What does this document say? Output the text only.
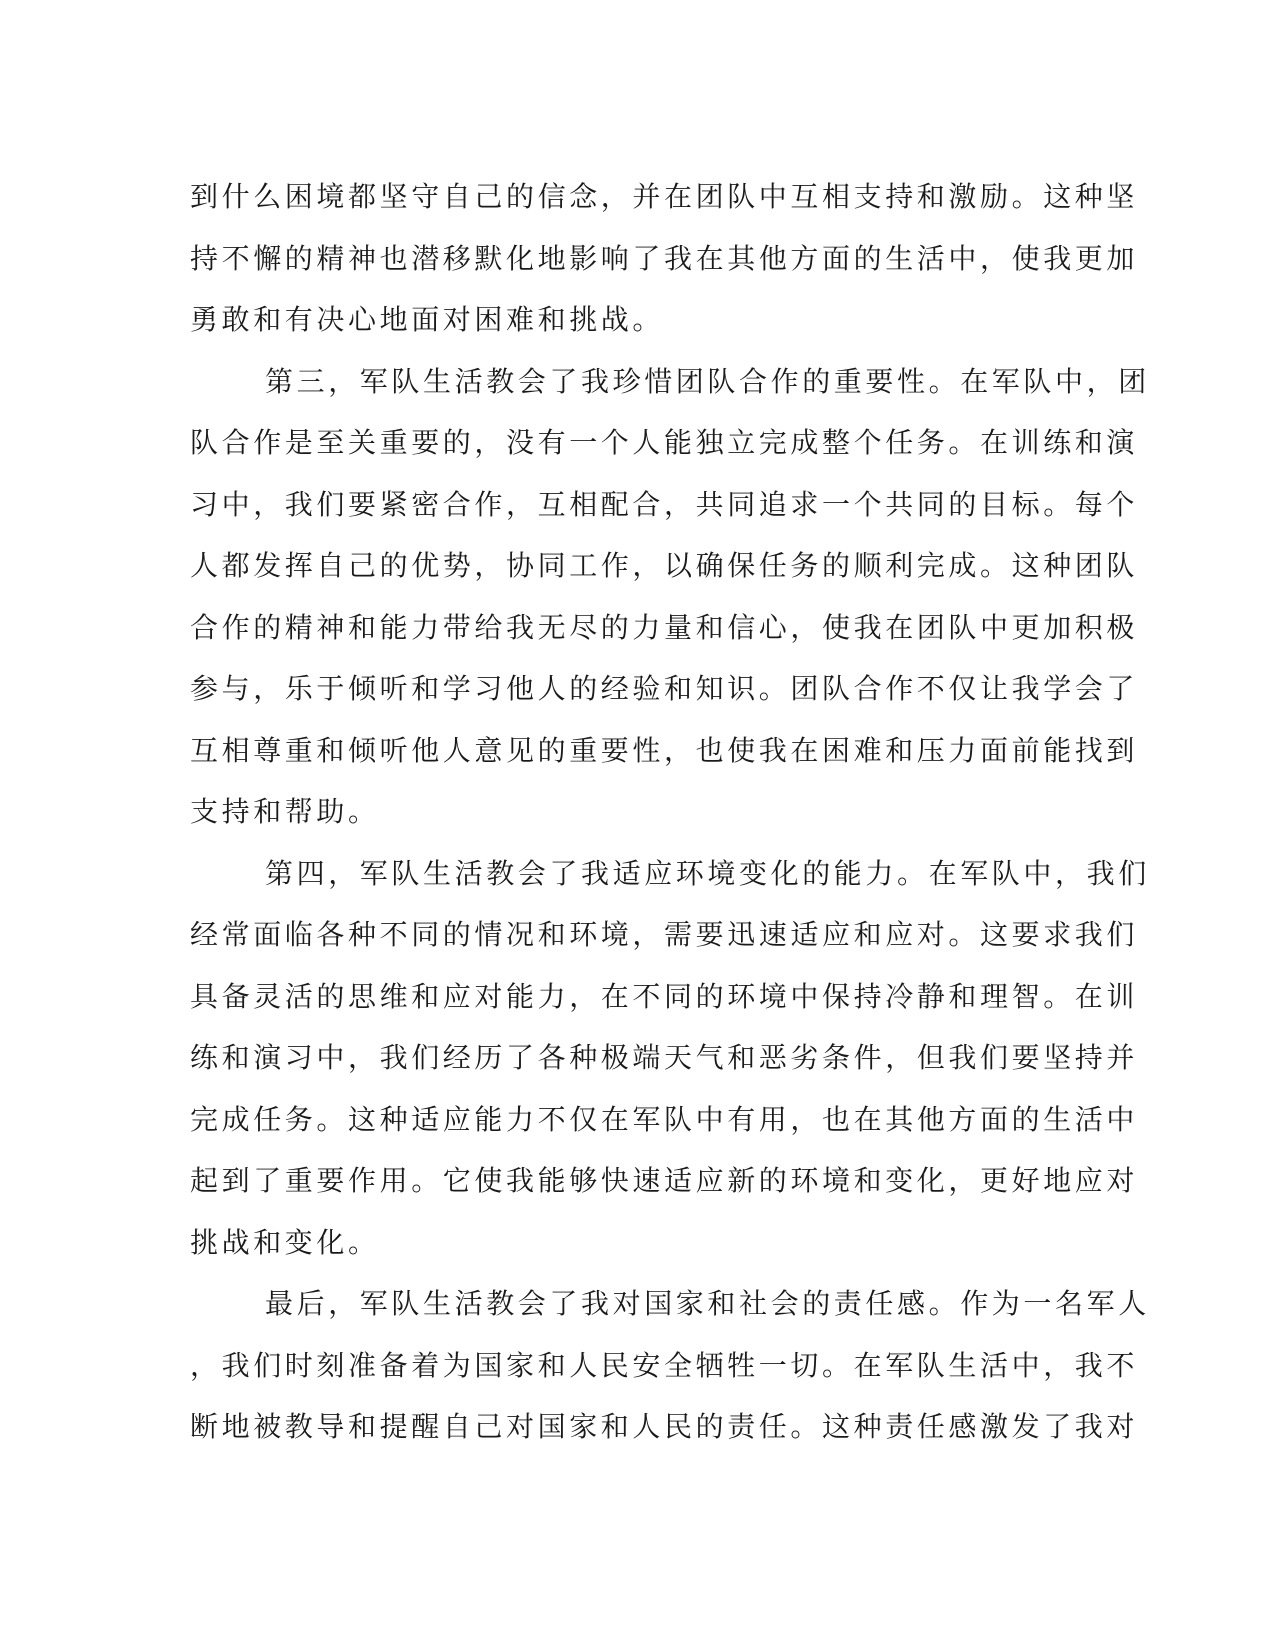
到什么困境都坚守自己的信念，并在团队中互相支持和激励。这种坚
持不懈的精神也潜移默化地影响了我在其他方面的生活中，使我更加
勇敢和有决心地面对困难和挑战。
第三，军队生活教会了我珍惜团队合作的重要性。在军队中，团
队合作是至关重要的，没有一个人能独立完成整个任务。在训练和演
习中，我们要紧密合作，互相配合，共同追求一个共同的目标。每个
人都发挥自己的优势，协同工作，以确保任务的顺利完成。这种团队
合作的精神和能力带给我无尽的力量和信心，使我在团队中更加积极
参与，乐于倾听和学习他人的经验和知识。团队合作不仅让我学会了
互相尊重和倾听他人意见的重要性，也使我在困难和压力面前能找到
支持和帮助。
第四，军队生活教会了我适应环境变化的能力。在军队中，我们
经常面临各种不同的情况和环境，需要迅速适应和应对。这要求我们
具备灵活的思维和应对能力，在不同的环境中保持冷静和理智。在训
练和演习中，我们经历了各种极端天气和恶劣条件，但我们要坚持并
完成任务。这种适应能力不仅在军队中有用，也在其他方面的生活中
起到了重要作用。它使我能够快速适应新的环境和变化，更好地应对
挑战和变化。
最后，军队生活教会了我对国家和社会的责任感。作为一名军人
，我们时刻准备着为国家和人民安全牺牲一切。在军队生活中，我不
断地被教导和提醒自己对国家和人民的责任。这种责任感激发了我对
